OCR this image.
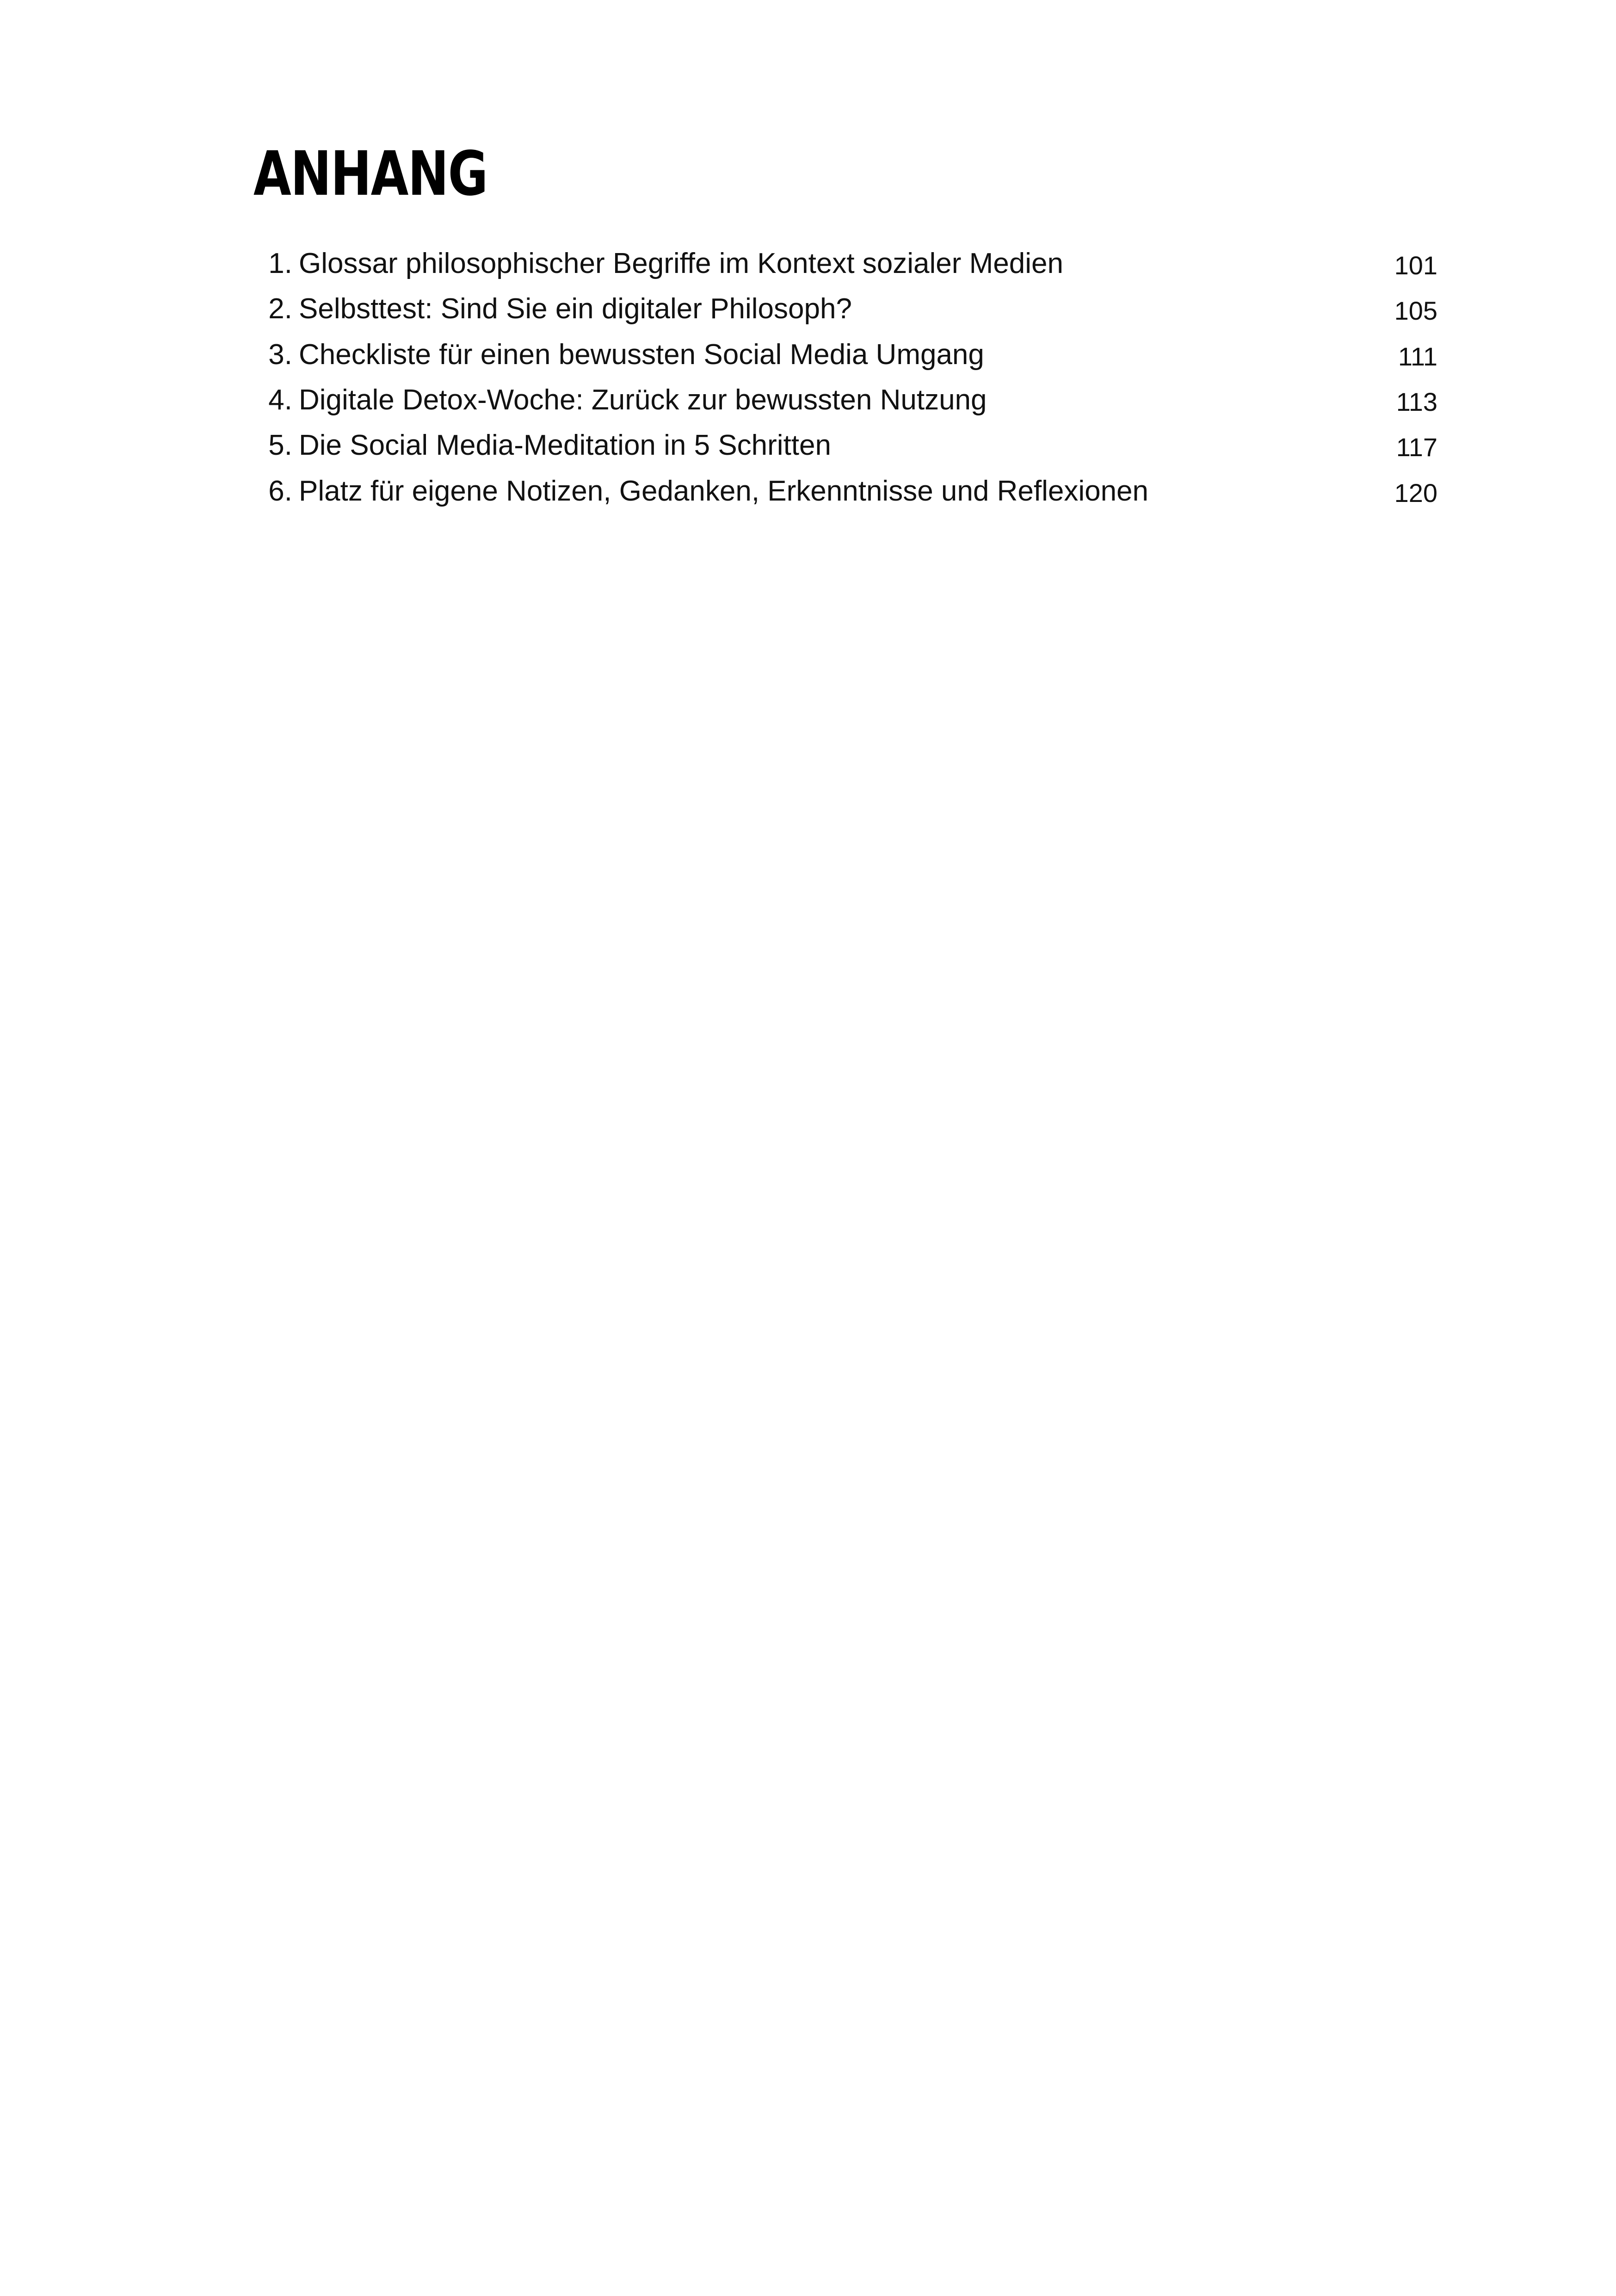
ANHANG
1. Glossar philosophischer Begriffe im Kontext sozialer Medien	101
2. Selbsttest: Sind Sie ein digitaler Philosoph?	105
3. Checkliste für einen bewussten Social Media Umgang	111
4. Digitale Detox-Woche: Zurück zur bewussten Nutzung	113
5. Die Social Media-Meditation in 5 Schritten	117
6. Platz für eigene Notizen, Gedanken, Erkenntnisse und Reflexionen	120
